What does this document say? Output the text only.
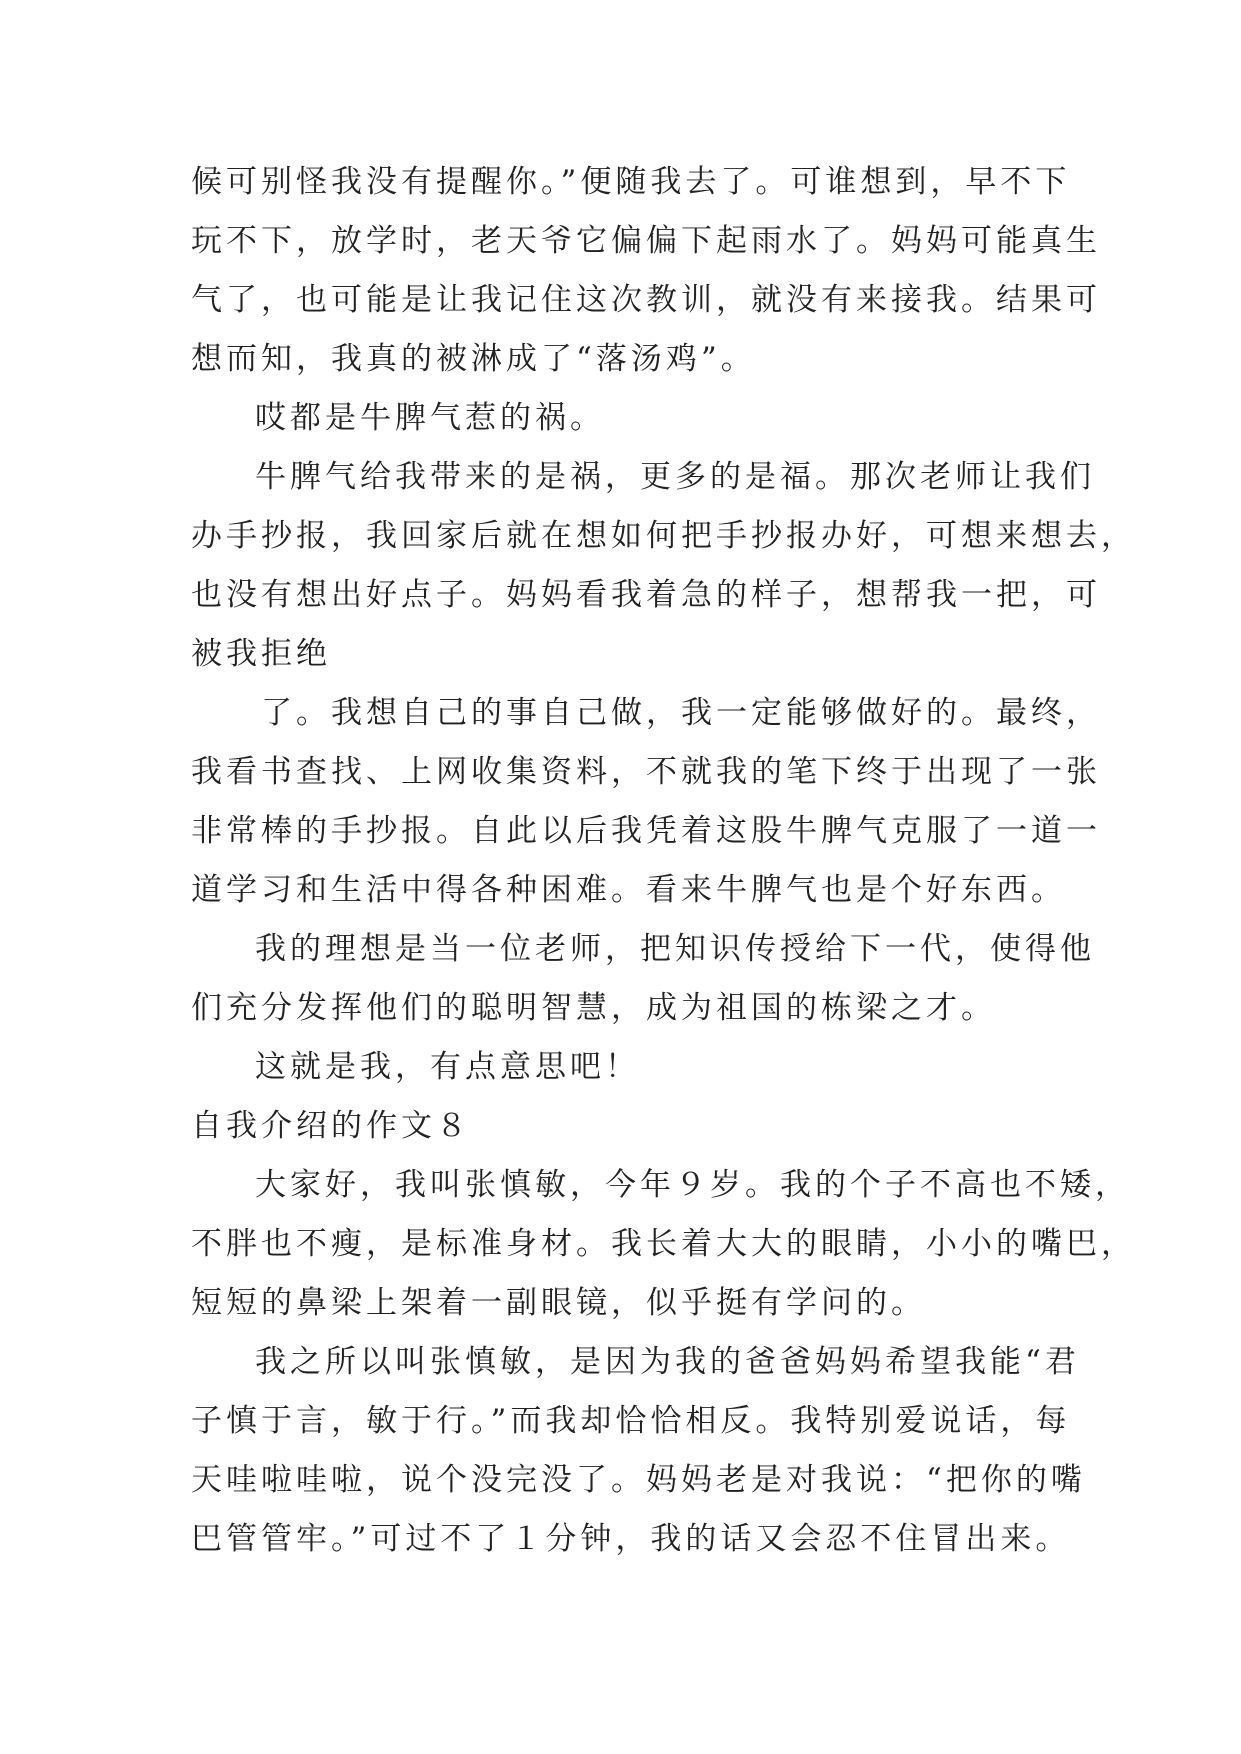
候可别怪我没有提醒你。”便随我去了。可谁想到，早不下
玩不下，放学时，老天爷它偏偏下起雨水了。妈妈可能真生
气了，也可能是让我记住这次教训，就没有来接我。结果可
想而知，我真的被淋成了“落汤鸡”。
哎都是牛脾气惹的祸。
牛脾气给我带来的是祸，更多的是福。那次老师让我们
办手抄报，我回家后就在想如何把手抄报办好，可想来想去，
也没有想出好点子。妈妈看我着急的样子，想帮我一把，可
被我拒绝
了。我想自己的事自己做，我一定能够做好的。最终，
我看书查找、上网收集资料，不就我的笔下终于出现了一张
非常棒的手抄报。自此以后我凭着这股牛脾气克服了一道一
道学习和生活中得各种困难。看来牛脾气也是个好东西。
我的理想是当一位老师，把知识传授给下一代，使得他
们充分发挥他们的聪明智慧，成为祖国的栋梁之才。
这就是我，有点意思吧！
自我介绍的作文８
大家好，我叫张慎敏，今年９岁。我的个子不高也不矮，
不胖也不瘦，是标准身材。我长着大大的眼睛，小小的嘴巴，
短短的鼻梁上架着一副眼镜，似乎挺有学问的。
我之所以叫张慎敏，是因为我的爸爸妈妈希望我能“君
子慎于言，敏于行。”而我却恰恰相反。我特别爱说话，每
天哇啦哇啦，说个没完没了。妈妈老是对我说：“把你的嘴
巴管管牢。”可过不了１分钟，我的话又会忍不住冒出来。
